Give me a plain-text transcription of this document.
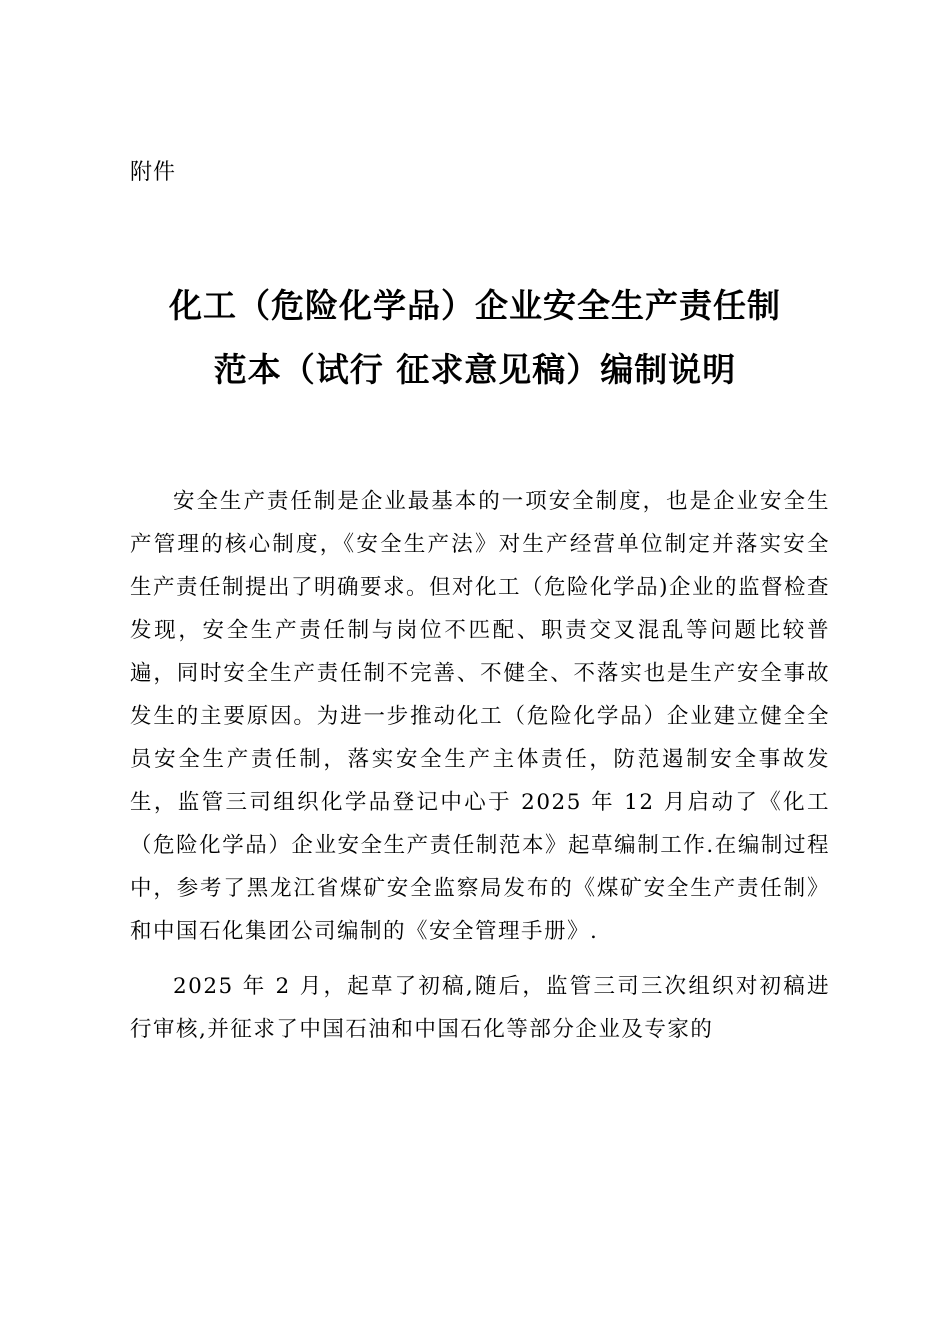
附件
化工（危险化学品）企业安全生产责任制
范本（试行 征求意见稿）编制说明

安全生产责任制是企业最基本的一项安全制度，也是企业安全生产管理的核心制度，《安全生产法》对生产经营单位制定并落实安全生产责任制提出了明确要求。但对化工（危险化学品)企业的监督检查发现，安全生产责任制与岗位不匹配、职责交叉混乱等问题比较普遍，同时安全生产责任制不完善、不健全、不落实也是生产安全事故发生的主要原因。为进一步推动化工（危险化学品）企业建立健全全员安全生产责任制，落实安全生产主体责任，防范遏制安全事故发生，监管三司组织化学品登记中心于 2025 年 12 月启动了《化工（危险化学品）企业安全生产责任制范本》起草编制工作.在编制过程中，参考了黑龙江省煤矿安全监察局发布的《煤矿安全生产责任制》和中国石化集团公司编制的《安全管理手册》.

2025 年 2 月，起草了初稿,随后，监管三司三次组织对初稿进行审核,并征求了中国石油和中国石化等部分企业及专家的
